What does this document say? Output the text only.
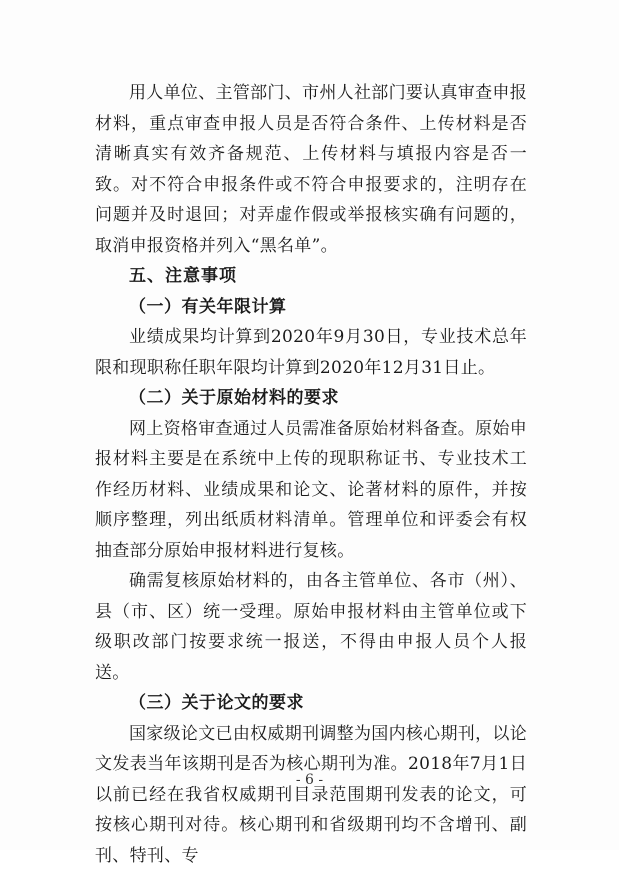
用人单位、主管部门、市州人社部门要认真审查申报材料，重点审查申报人员是否符合条件、上传材料是否清晰真实有效齐备规范、上传材料与填报内容是否一致。对不符合申报条件或不符合申报要求的，注明存在问题并及时退回；对弄虚作假或举报核实确有问题的，取消申报资格并列入“黑名单”。

五、注意事项

（一）有关年限计算

业绩成果均计算到2020年9月30日，专业技术总年限和现职称任职年限均计算到2020年12月31日止。

（二）关于原始材料的要求

网上资格审查通过人员需准备原始材料备查。原始申报材料主要是在系统中上传的现职称证书、专业技术工作经历材料、业绩成果和论文、论著材料的原件，并按顺序整理，列出纸质材料清单。管理单位和评委会有权抽查部分原始申报材料进行复核。

确需复核原始材料的，由各主管单位、各市（州）、县（市、区）统一受理。原始申报材料由主管单位或下级职改部门按要求统一报送，不得由申报人员个人报送。

（三）关于论文的要求

国家级论文已由权威期刊调整为国内核心期刊，以论文发表当年该期刊是否为核心期刊为准。2018年7月1日以前已经在我省权威期刊目录范围期刊发表的论文，可按核心期刊对待。核心期刊和省级期刊均不含增刊、副刊、特刊、专

- 6 -
